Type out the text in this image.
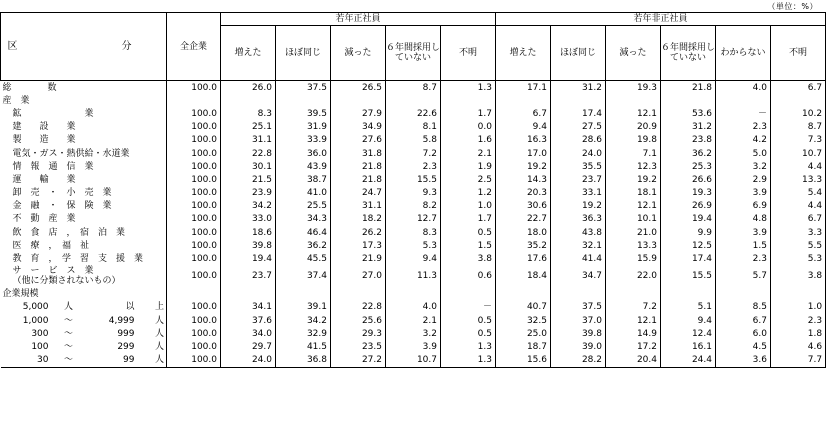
（単位：%）
区　　分	全企業	若年正社員					若年非正社員					
		増えた	ほぼ同じ	減った	６年間採用していない	不明	増えた	ほぼ同じ	減った	６年間採用していない	わからない	不明

総　　　　数	100.0	26.0	37.5	26.5	8.7	1.3	17.1	31.2	19.3	21.8	4.0	6.7

産　業												

鉱　　　　　　　業	100.0	8.3	39.5	27.9	22.6	1.7	6.7	17.4	12.1	53.6	－	10.2

建　　設　　業	100.0	25.1	31.9	34.9	8.1	0.0	9.4	27.5	20.9	31.2	2.3	8.7

製　　造　　業	100.0	31.1	33.9	27.6	5.8	1.6	16.3	28.6	19.8	23.8	4.2	7.3

電気・ガス・熱供給・水道業	100.0	22.8	36.0	31.8	7.2	2.1	17.0	24.0	7.1	36.2	5.0	10.7

情　報　通　信　業	100.0	30.1	43.9	21.8	2.3	1.9	19.2	35.5	12.3	25.3	3.2	4.4

運　　輸　　業	100.0	21.5	38.7	21.8	15.5	2.5	14.3	23.7	19.2	26.6	2.9	13.3

卸　売　・　小　売　業	100.0	23.9	41.0	24.7	9.3	1.2	20.3	33.1	18.1	19.3	3.9	5.4

金　融　・　保　険　業	100.0	34.2	25.5	31.1	8.2	1.0	30.6	19.2	12.1	26.9	6.9	4.4

不　動　産　業	100.0	33.0	34.3	18.2	12.7	1.7	22.7	36.3	10.1	19.4	4.8	6.7

飲　食　店　，　宿　泊　業	100.0	18.6	46.4	26.2	8.3	0.5	18.0	43.8	21.0	9.9	3.9	3.3

医　療　，　福　祉	100.0	39.8	36.2	17.3	5.3	1.5	35.2	32.1	13.3	12.5	1.5	5.5

教　育　，　学　習　支　援　業	100.0	19.4	45.5	21.9	9.4	3.8	17.6	41.4	15.9	17.4	2.3	5.3

サ　ー　ビ　ス　業
（他に分類されないもの）	100.0	23.7	37.4	27.0	11.3	0.6	18.4	34.7	22.0	15.5	5.7	3.8

企業規模												

5,000 人 以 上	100.0	34.1	39.1	22.8	4.0	－	40.7	37.5	7.2	5.1	8.5	1.0

1,000 ～ 4,999 人	100.0	37.6	34.2	25.6	2.1	0.5	32.5	37.0	12.1	9.4	6.7	2.3

300 ～ 999 人	100.0	34.0	32.9	29.3	3.2	0.5	25.0	39.8	14.9	12.4	6.0	1.8

100 ～ 299 人	100.0	29.7	41.5	23.5	3.9	1.3	18.7	39.0	17.2	16.1	4.5	4.6

30 ～ 99 人	100.0	24.0	36.8	27.2	10.7	1.3	15.6	28.2	20.4	24.4	3.6	7.7
